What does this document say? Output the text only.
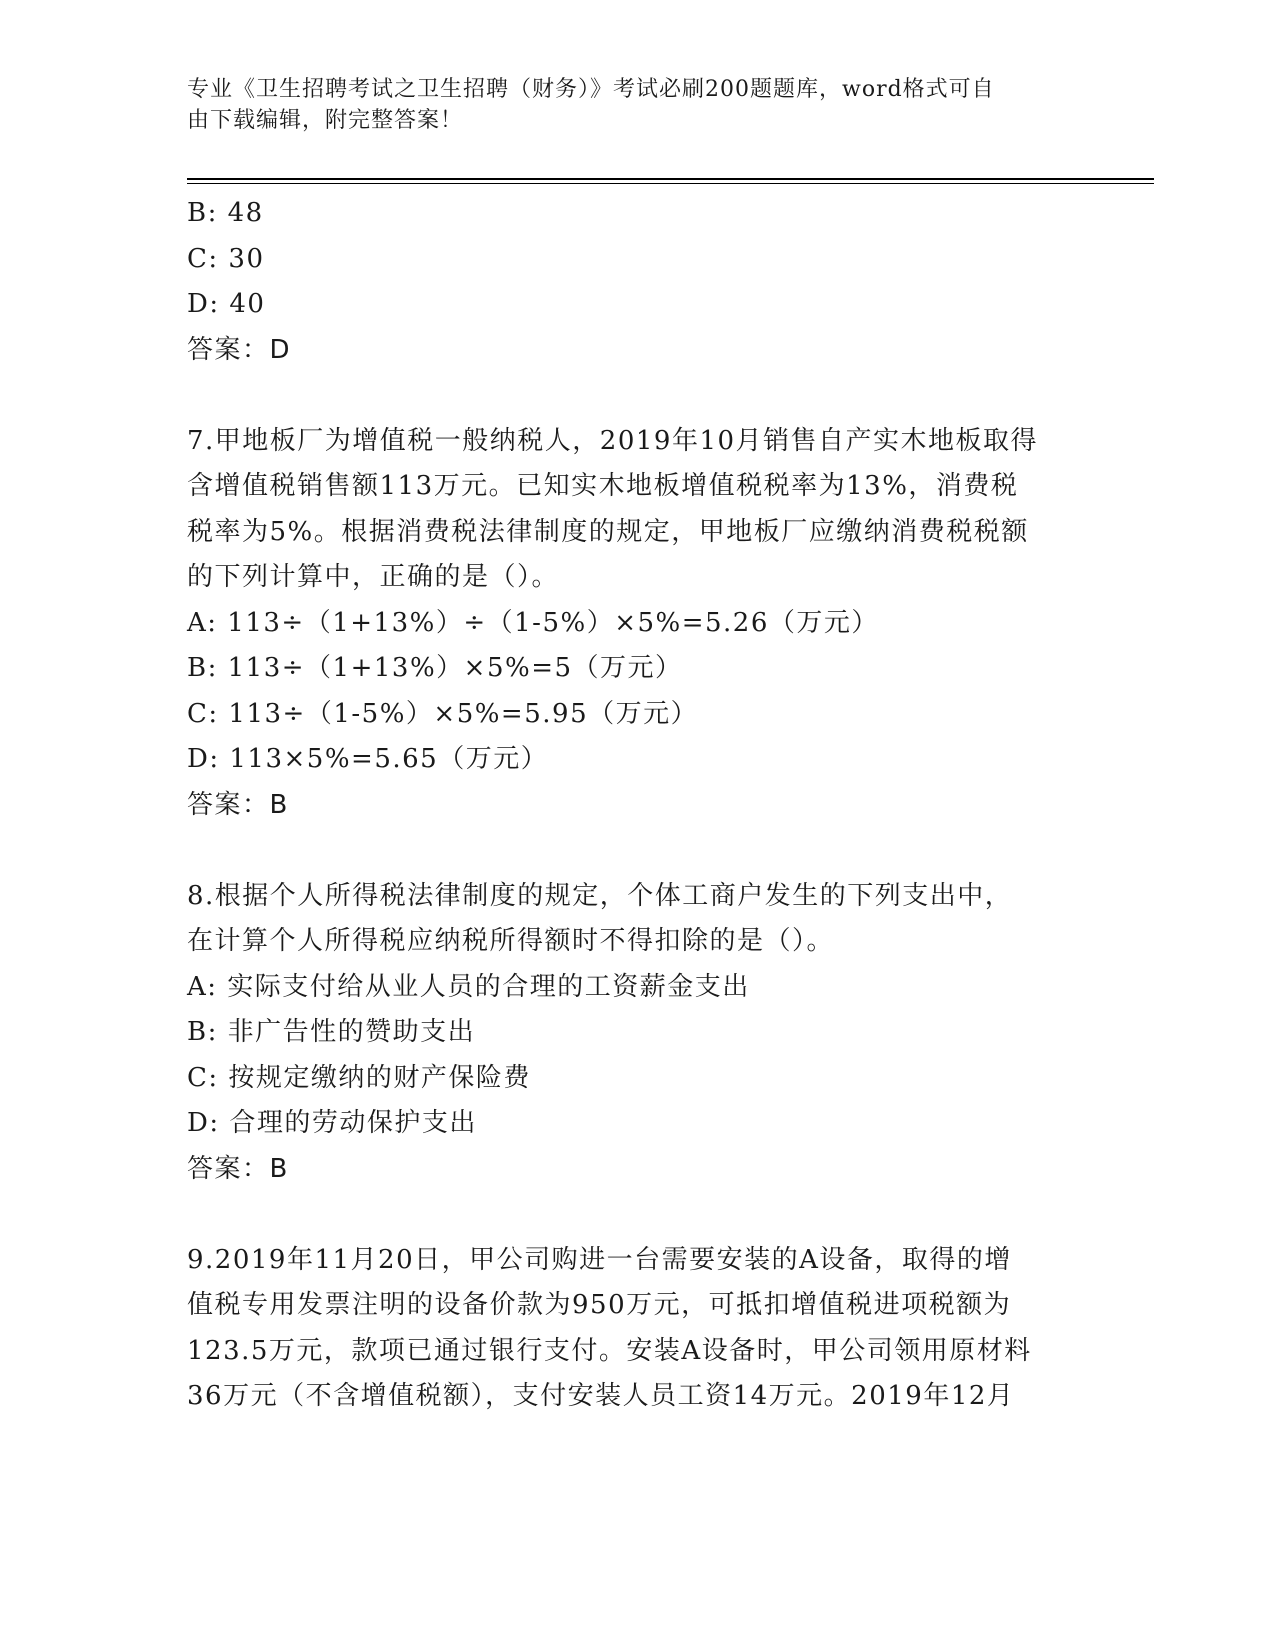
专业《卫生招聘考试之卫生招聘（财务）》考试必刷200题题库，word格式可自
由下载编辑，附完整答案！
B: 48
C: 30
D: 40
答案：D
7.甲地板厂为增值税一般纳税人，2019年10月销售自产实木地板取得
含增值税销售额113万元。已知实木地板增值税税率为13%，消费税
税率为5%。根据消费税法律制度的规定，甲地板厂应缴纳消费税税额
的下列计算中，正确的是（）。
A: 113÷（1+13%）÷（1-5%）×5%=5.26（万元）
B: 113÷（1+13%）×5%=5（万元）
C: 113÷（1-5%）×5%=5.95（万元）
D: 113×5%=5.65（万元）
答案：B
8.根据个人所得税法律制度的规定，个体工商户发生的下列支出中，
在计算个人所得税应纳税所得额时不得扣除的是（）。
A: 实际支付给从业人员的合理的工资薪金支出
B: 非广告性的赞助支出
C: 按规定缴纳的财产保险费
D: 合理的劳动保护支出
答案：B
9.2019年11月20日，甲公司购进一台需要安装的A设备，取得的增
值税专用发票注明的设备价款为950万元，可抵扣增值税进项税额为
123.5万元，款项已通过银行支付。安装A设备时，甲公司领用原材料
36万元（不含增值税额），支付安装人员工资14万元。2019年12月
